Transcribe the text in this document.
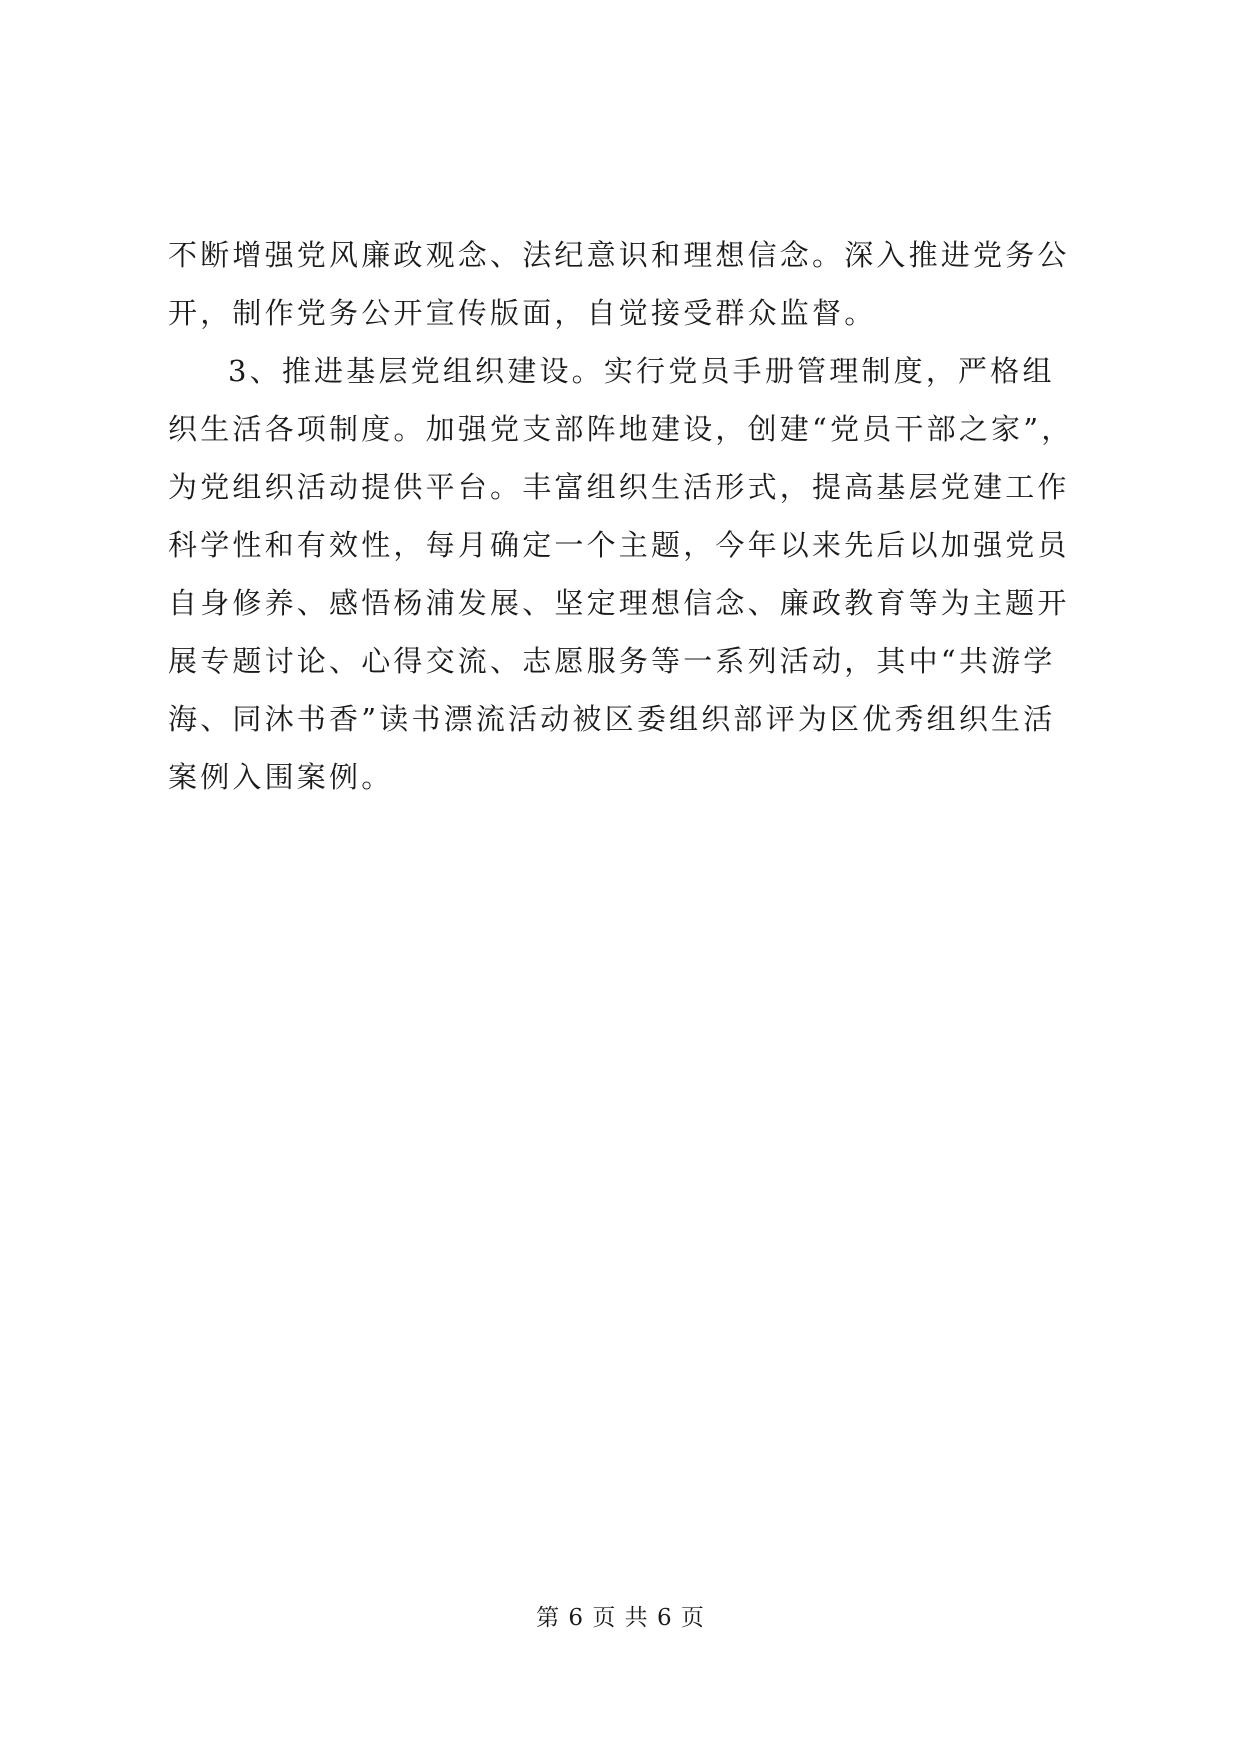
不断增强党风廉政观念、法纪意识和理想信念。深入推进党务公
开，制作党务公开宣传版面，自觉接受群众监督。
3、推进基层党组织建设。实行党员手册管理制度，严格组
织生活各项制度。加强党支部阵地建设，创建“党员干部之家”，
为党组织活动提供平台。丰富组织生活形式，提高基层党建工作
科学性和有效性，每月确定一个主题，今年以来先后以加强党员
自身修养、感悟杨浦发展、坚定理想信念、廉政教育等为主题开
展专题讨论、心得交流、志愿服务等一系列活动，其中“共游学
海、同沐书香”读书漂流活动被区委组织部评为区优秀组织生活
案例入围案例。
第 6 页 共 6 页
